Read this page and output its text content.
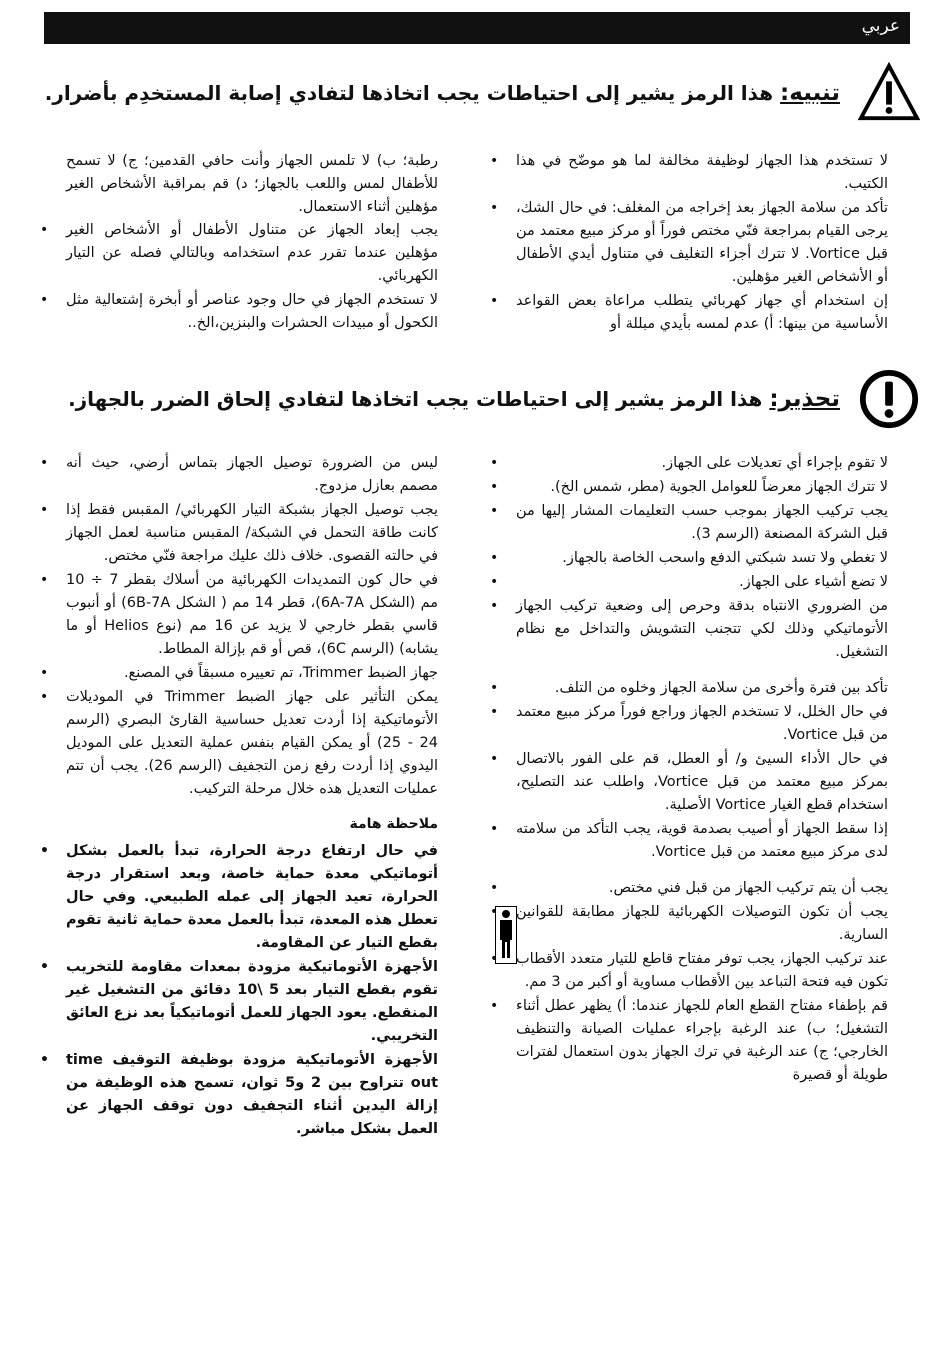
عربي
تنبيه: هذا الرمز يشير إلى احتياطات يجب اتخاذها لتفادي إصابة المستخدِم بأضرار.
لا تستخدم هذا الجهاز لوظيفة مخالفة لما هو موضّح في هذا الكتيب. •
تأكد من سلامة الجهاز بعد إخراجه من المغلف: في حال الشك، يرجى القيام بمراجعة فنّي مختص فوراً أو مركز مبيع معتمد من قبل Vortice. لا تترك أجزاء التغليف في متناول أيدي الأطفال أو الأشخاص الغير مؤهلين. •
إن استخدام أي جهاز كهربائي يتطلب مراعاة بعض القواعد الأساسية من بينها: أ) عدم لمسه بأيدي مبللة أو •
رطبة؛ ب) لا تلمس الجهاز وأنت حافي القدمين؛ ج) لا تسمح للأطفال لمس واللعب بالجهاز؛ د) قم بمراقبة الأشخاص الغير مؤهلين أثناء الاستعمال.
يجب إبعاد الجهاز عن متناول الأطفال أو الأشخاص الغير مؤهلين عندما تقرر عدم استخدامه وبالتالي فصله عن التيار الكهربائي. •
لا تستخدم الجهاز في حال وجود عناصر أو أبخرة إشتعالية مثل الكحول أو مبيدات الحشرات والبنزين،الخ.. •
تحذير: هذا الرمز يشير إلى احتياطات يجب اتخاذها لتفادي إلحاق الضرر بالجهاز.
لا تقوم بإجراء أي تعديلات على الجهاز. •
لا تترك الجهاز معرضاً للعوامل الجوية (مطر، شمس الخ). •
يجب تركيب الجهاز بموجب حسب التعليمات المشار إليها من قبل الشركة المصنعة (الرسم 3). •
لا تغطي ولا تسد شبكتي الدفع واسحب الخاصة بالجهاز. •
لا تضع أشياء على الجهاز. •
من الضروري الانتباه بدقة وحرص إلى وضعية تركيب الجهاز الأتوماتيكي وذلك لكي تتجنب التشويش والتداخل مع نظام التشغيل. •
تأكد بين فترة وأخرى من سلامة الجهاز وخلوه من التلف. •
في حال الخلل، لا تستخدم الجهاز وراجع فوراً مركز مبيع معتمد من قبل Vortice. •
في حال الأداء السيئ و/ أو العطل، قم على الفور بالاتصال بمركز مبيع معتمد من قبل Vortice، واطلب عند التصليح، استخدام قطع الغيار Vortice الأصلية. •
إذا سقط الجهاز أو أصيب بصدمة قوية، يجب التأكد من سلامته لدى مركز مبيع معتمد من قبل Vortice. •
يجب أن يتم تركيب الجهاز من قبل فني مختص. •
يجب أن تكون التوصيلات الكهربائية للجهاز مطابقة للقوانين السارية. •
عند تركيب الجهاز، يجب توفر مفتاح قاطع للتيار متعدد الأقطاب تكون فيه فتحة التباعد بين الأقطاب مساوية أو أكبر من 3 مم. •
قم بإطفاء مفتاح القطع العام للجهاز عندما: أ) يظهر عطل أثناء التشغيل؛ ب) عند الرغبة بإجراء عمليات الصيانة والتنظيف الخارجي؛ ج) عند الرغبة في ترك الجهاز بدون استعمال لفترات طويلة أو قصيرة •
ليس من الضرورة توصيل الجهاز بتماس أرضي، حيث أنه مصمم بعازل مزدوج. •
يجب توصيل الجهاز بشبكة التيار الكهربائي/ المقبس فقط إذا كانت طاقة التحمل في الشبكة/ المقبس مناسبة لعمل الجهاز في حالته القصوى. خلاف ذلك عليك مراجعة فنّي مختص. •
في حال كون التمديدات الكهربائية من أسلاك بقطر 7 ÷ 10 مم (الشكل 6A-7A)، قطر 14 مم ( الشكل 6B-7A) أو أنبوب قاسي بقطر خارجي لا يزيد عن 16 مم (نوع Helios أو ما يشابه) (الرسم 6C)، قص أو قم بإزالة المطاط. •
جهاز الضبط Trimmer، تم تعييره مسبقاً في المصنع. •
يمكن التأثير على جهاز الضبط Trimmer في الموديلات الأتوماتيكية إذا أردت تعديل حساسية القارئ البصري (الرسم 24 - 25) أو يمكن القيام بنفس عملية التعديل على الموديل اليدوي إذا أردت رفع زمن التجفيف (الرسم 26). يجب أن تتم عمليات التعديل هذه خلال مرحلة التركيب. •
ملاحظة هامة
في حال ارتفاع درجة الحرارة، تبدأ بالعمل بشكل أتوماتيكي معدة حماية خاصة، وبعد استقرار درجة الحرارة، تعيد الجهاز إلى عمله الطبيعي. وفي حال تعطل هذه المعدة، تبدأ بالعمل معدة حماية ثانية تقوم بقطع التيار عن المقاومة. •
الأجهزة الأتوماتيكية مزودة بمعدات مقاومة للتخريب تقوم بقطع التيار بعد 5 \10 دقائق من التشغيل غير المنقطع. يعود الجهاز للعمل أتوماتيكياً بعد نزع العائق التخريبي. •
الأجهزة الأتوماتيكية مزودة بوظيفة التوقيف time out تتراوح بين 2 و5 ثوان، تسمح هذه الوظيفة من إزالة اليدين أثناء التجفيف دون توقف الجهاز عن العمل بشكل مباشر. •
